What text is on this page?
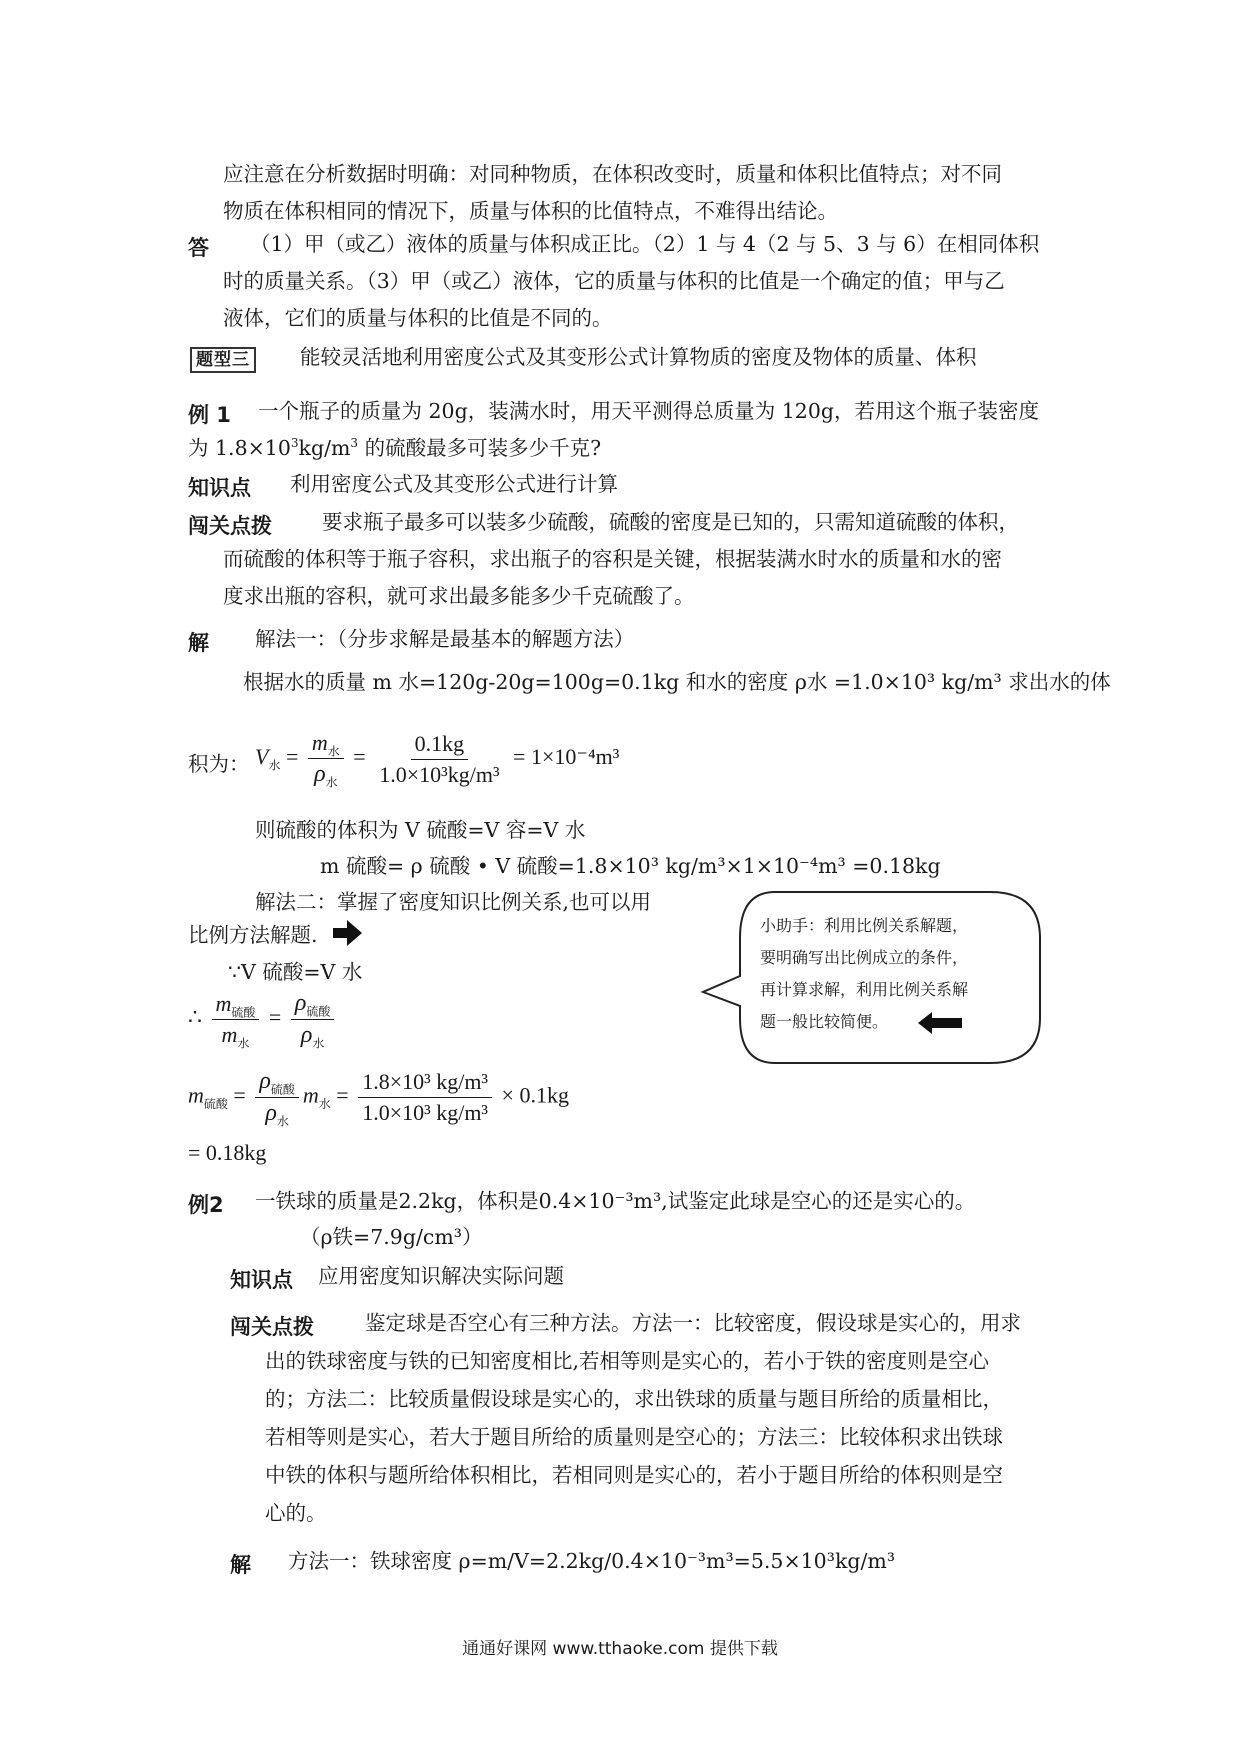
应注意在分析数据时明确：对同种物质，在体积改变时，质量和体积比值特点；对不同
物质在体积相同的情况下，质量与体积的比值特点，不难得出结论。
答 （1）甲（或乙）液体的质量与体积成正比。（2）1 与 4（2 与 5、3 与 6）在相同体积
时的质量关系。（3）甲（或乙）液体，它的质量与体积的比值是一个确定的值；甲与乙
液体，它们的质量与体积的比值是不同的。
题型三 能较灵活地利用密度公式及其变形公式计算物质的密度及物体的质量、体积
例 1 一个瓶子的质量为 20g，装满水时，用天平测得总质量为 120g，若用这个瓶子装密度
为 $1.8\times 10^3kg/m^3$ 的硫酸最多可装多少千克?
知识点 利用密度公式及其变形公式进行计算
闯关点拨 要求瓶子最多可以装多少硫酸，硫酸的密度是已知的，只需知道硫酸的体积，
而硫酸的体积等于瓶子容积，求出瓶子的容积是关键，根据装满水时水的质量和水的密
度求出瓶的容积，就可求出最多能多少千克硫酸了。
解 解法一：（分步求解是最基本的解题方法）
根据水的质量 m 水=120g-20g=100g=0.1kg 和水的密度 ρ水 =1.0×10³ kg/m³ 求出水的体
积为： $V_水 = \frac{m_水}{\rho_水} = \frac{0.1kg}{\text{1.0×10³kg/m³}} = 1\times 10^{-4}m^3$
则硫酸的体积为 V 硫酸=V 容=V 水
m 硫酸= ρ 硫酸 • V 硫酸=1.8×10³ kg/m³×1×10⁻⁴m³ =0.18kg
解法二：掌握了密度知识比例关系,也可以用
比例方法解题.
∵V 硫酸=V 水
∴ $\frac{m_{硫酸}}{m_水} = \frac{\rho_{硫酸}}{\rho_水}$
$m_{硫酸} = \frac{\rho_{硫酸}}{\rho_水} m_水 = \frac{\text{1.8×10³ kg/m³}}{\text{1.0×10³ kg/m³}} \times 0.1kg$
= 0.18kg
小助手：利用比例关系解题，
要明确写出比例成立的条件，
再计算求解，利用比例关系解
题一般比较简便。
例2 一铁球的质量是2.2kg，体积是0.4×10⁻³m³,试鉴定此球是空心的还是实心的。
（ρ铁=7.9g/cm³）
知识点 应用密度知识解决实际问题
闯关点拨 鉴定球是否空心有三种方法。方法一：比较密度，假设球是实心的，用求
出的铁球密度与铁的已知密度相比,若相等则是实心的，若小于铁的密度则是空心
的；方法二：比较质量假设球是实心的，求出铁球的质量与题目所给的质量相比，
若相等则是实心，若大于题目所给的质量则是空心的；方法三：比较体积求出铁球
中铁的体积与题所给体积相比，若相同则是实心的，若小于题目所给的体积则是空
心的。
解 方法一：铁球密度 ρ=m/V=2.2kg/0.4×10⁻³m³=5.5×10³kg/m³
通通好课网 www.tthaoke.com 提供下载
